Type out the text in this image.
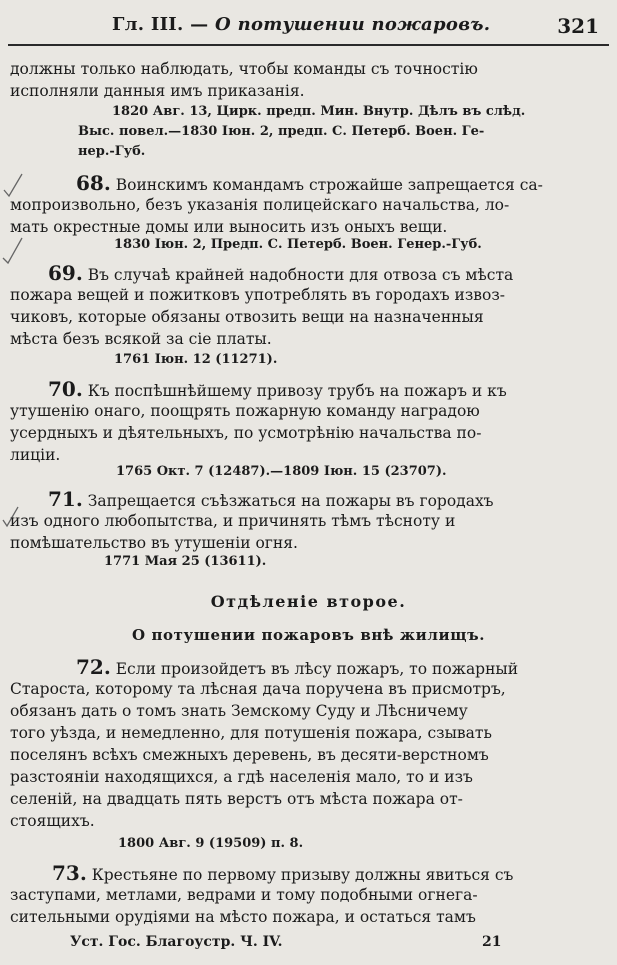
Гл. III. — О потушении пожаровъ.	321
должны только наблюдать, чтобы команды съ точностію
исполняли данныя имъ приказанія.
1820 Авг. 13, Цирк. предп. Мин. Внутр. Дѣлъ въ слѣд.
Выс. повел.—1830 Іюн. 2, предп. С. Петерб. Воен. Ге-
нер.-Губ.
68. Воинскимъ командамъ строжайше запрещается са-
мопроизвольно, безъ указанія полицейскаго начальства, ло-
мать окрестные домы или выносить изъ оныхъ вещи.
1830 Іюн. 2, Предп. С. Петерб. Воен. Генер.-Губ.
69. Въ случаѣ крайней надобности для отвоза съ мѣста
пожара вещей и пожитковъ употреблять въ городахъ извоз-
чиковъ, которые обязаны отвозить вещи на назначенныя
мѣста безъ всякой за сіе платы.
1761 Іюн. 12 (11271).
70. Къ поспѣшнѣйшему привозу трубъ на пожаръ и къ
утушенію онаго, поощрять пожарную команду наградою
усердныхъ и дѣятельныхъ, по усмотрѣнію начальства по-
лиціи.
1765 Окт. 7 (12487).—1809 Іюн. 15 (23707).
71. Запрещается съѣзжаться на пожары въ городахъ
изъ одного любопытства, и причинять тѣмъ тѣсноту и
помѣшательство въ утушеніи огня.
1771 Мая 25 (13611).
Отдѣленіе второе.
О потушении пожаровъ внѣ жилищъ.
72. Если произойдетъ въ лѣсу пожаръ, то пожарный
Староста, которому та лѣсная дача поручена въ присмотръ,
обязанъ дать о томъ знать Земскому Суду и Лѣсничему
того уѣзда, и немедленно, для потушенія пожара, сзывать
поселянъ всѣхъ смежныхъ деревень, въ десяти-верстномъ
разстояніи находящихся, а гдѣ населенія мало, то и изъ
селеній, на двадцать пять верстъ отъ мѣста пожара от-
стоящихъ.
1800 Авг. 9 (19509) п. 8.
73. Крестьяне по первому призыву должны явиться съ
заступами, метлами, ведрами и тому подобными огнега-
сительными орудіями на мѣсто пожара, и остаться тамъ
Уст. Гос. Благоустр. Ч. IV.	21
